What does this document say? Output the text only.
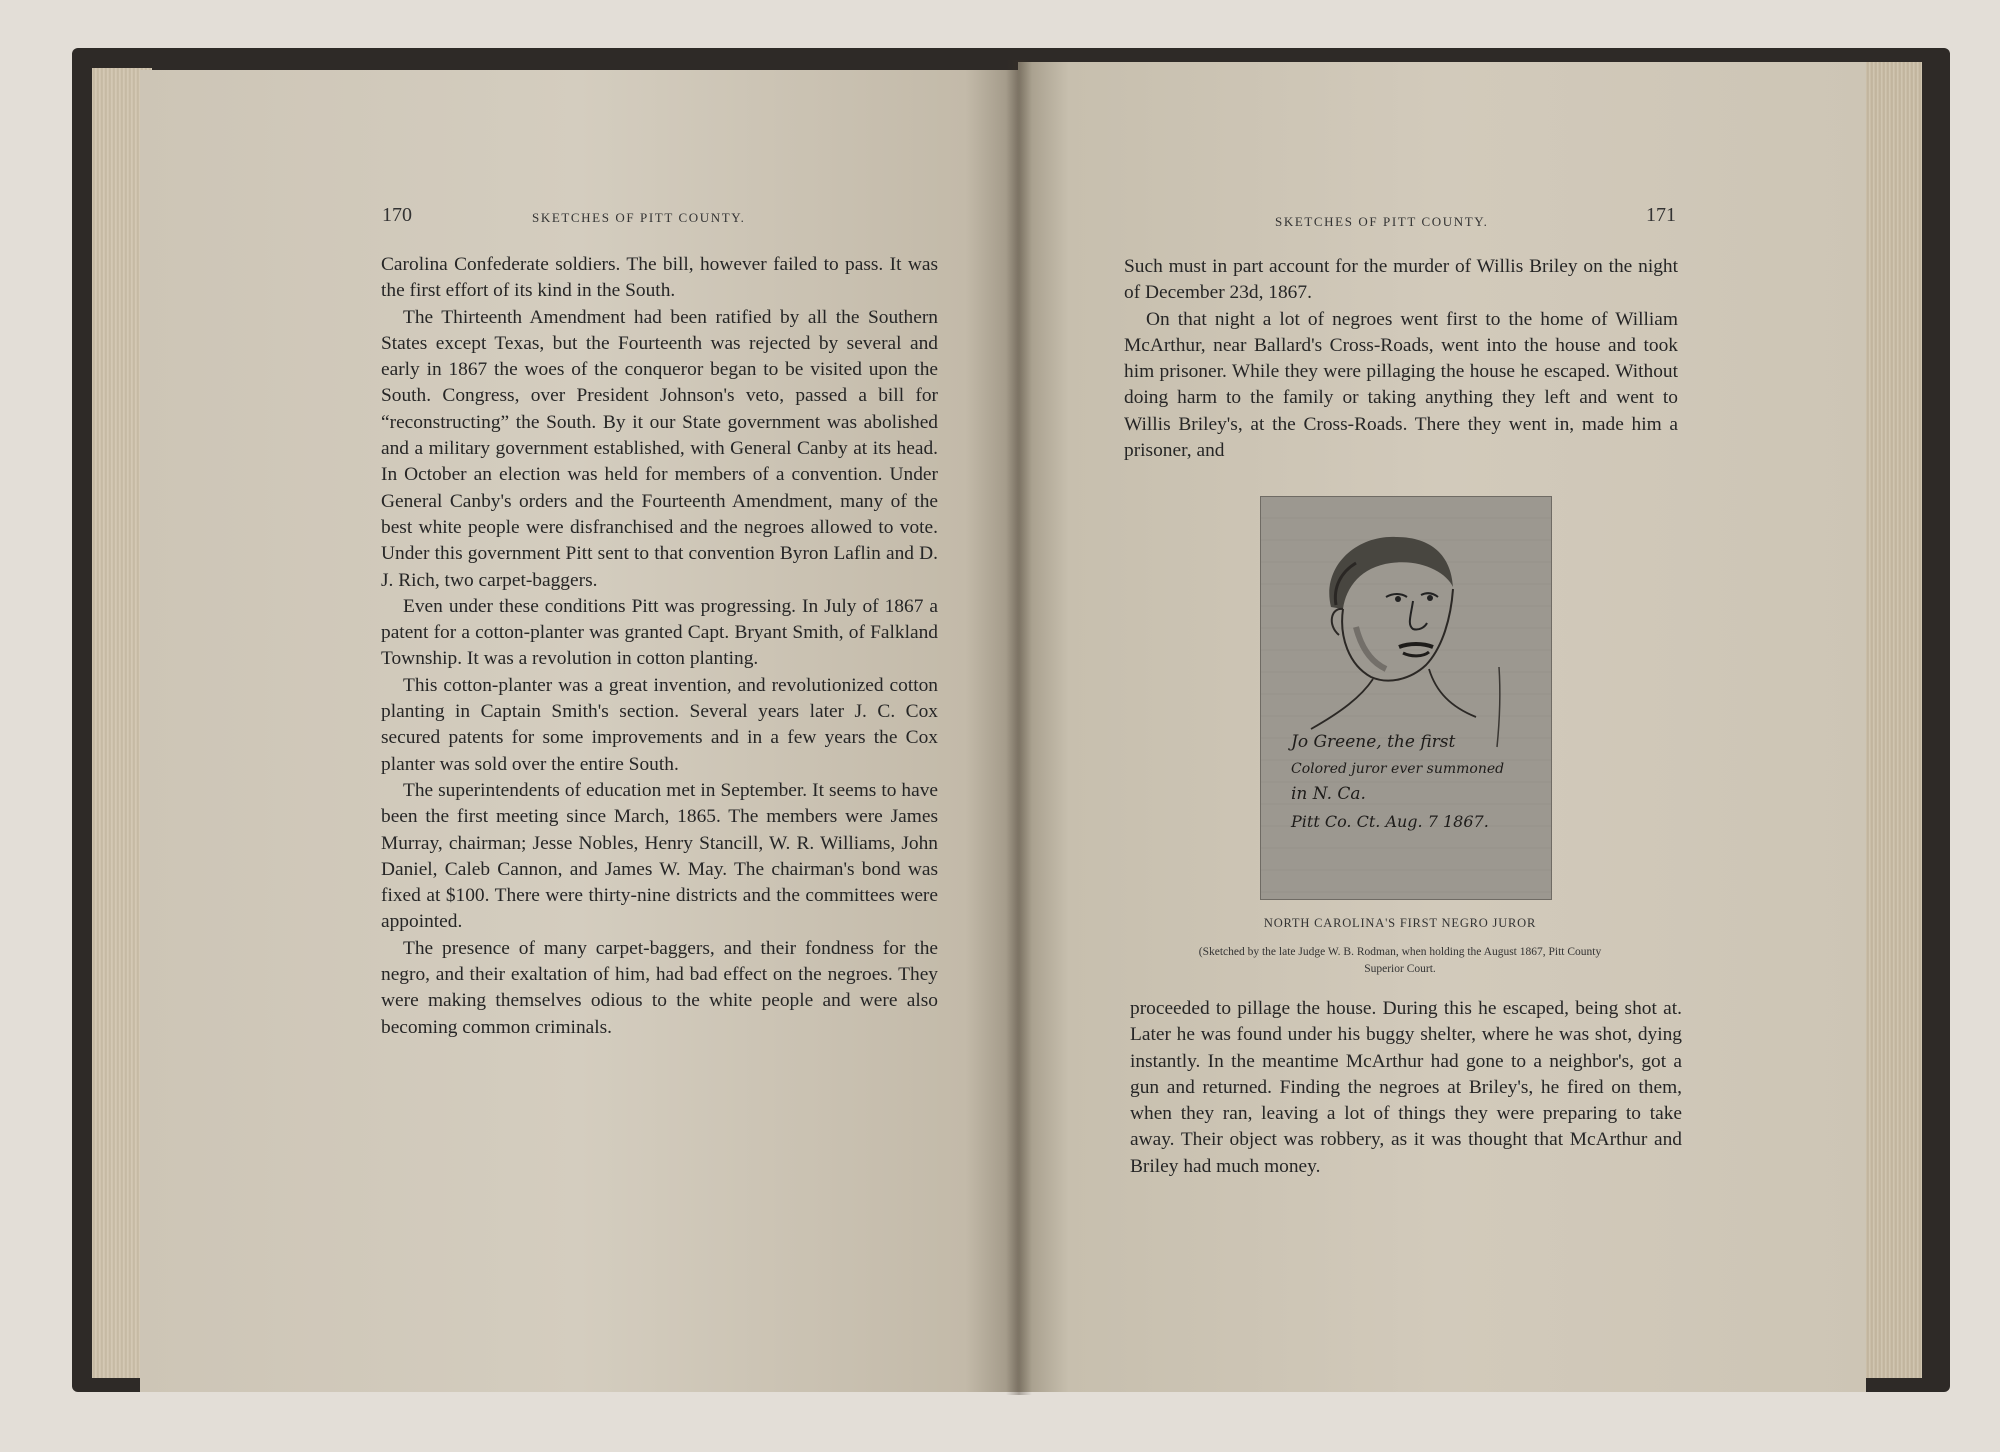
170	SKETCHES OF PITT COUNTY.

Carolina Confederate soldiers. The bill, however failed to pass. It was the first effort of its kind in the South.

The Thirteenth Amendment had been ratified by all the Southern States except Texas, but the Fourteenth was rejected by several and early in 1867 the woes of the conqueror began to be visited upon the South. Congress, over President Johnson's veto, passed a bill for “reconstructing” the South. By it our State government was abolished and a military government established, with General Canby at its head. In October an election was held for members of a convention. Under General Canby's orders and the Fourteenth Amendment, many of the best white people were disfranchised and the negroes allowed to vote. Under this government Pitt sent to that convention Byron Laflin and D. J. Rich, two carpet-baggers.

Even under these conditions Pitt was progressing. In July of 1867 a patent for a cotton-planter was granted Capt. Bryant Smith, of Falkland Township. It was a revolution in cotton planting.

This cotton-planter was a great invention, and revolutionized cotton planting in Captain Smith's section. Several years later J. C. Cox secured patents for some improvements and in a few years the Cox planter was sold over the entire South.

The superintendents of education met in September. It seems to have been the first meeting since March, 1865. The members were James Murray, chairman; Jesse Nobles, Henry Stancill, W. R. Williams, John Daniel, Caleb Cannon, and James W. May. The chairman's bond was fixed at $100. There were thirty-nine districts and the committees were appointed.

The presence of many carpet-baggers, and their fondness for the negro, and their exaltation of him, had bad effect on the negroes. They were making themselves odious to the white people and were also becoming common criminals.

SKETCHES OF PITT COUNTY.	171

Such must in part account for the murder of Willis Briley on the night of December 23d, 1867.

On that night a lot of negroes went first to the home of William McArthur, near Ballard's Cross-Roads, went into the house and took him prisoner. While they were pillaging the house he escaped. Without doing harm to the family or taking anything they left and went to Willis Briley's, at the Cross-Roads. There they went in, made him a prisoner, and

Jo Greene, the first
Colored juror ever summoned
in N. Ca.
Pitt Co. Ct. Aug. 7 1867.
NORTH CAROLINA'S FIRST NEGRO JUROR
(Sketched by the late Judge W. B. Rodman, when holding the August 1867, Pitt County Superior Court.

proceeded to pillage the house. During this he escaped, being shot at. Later he was found under his buggy shelter, where he was shot, dying instantly. In the meantime McArthur had gone to a neighbor's, got a gun and returned. Finding the negroes at Briley's, he fired on them, when they ran, leaving a lot of things they were preparing to take away. Their object was robbery, as it was thought that McArthur and Briley had much money.
